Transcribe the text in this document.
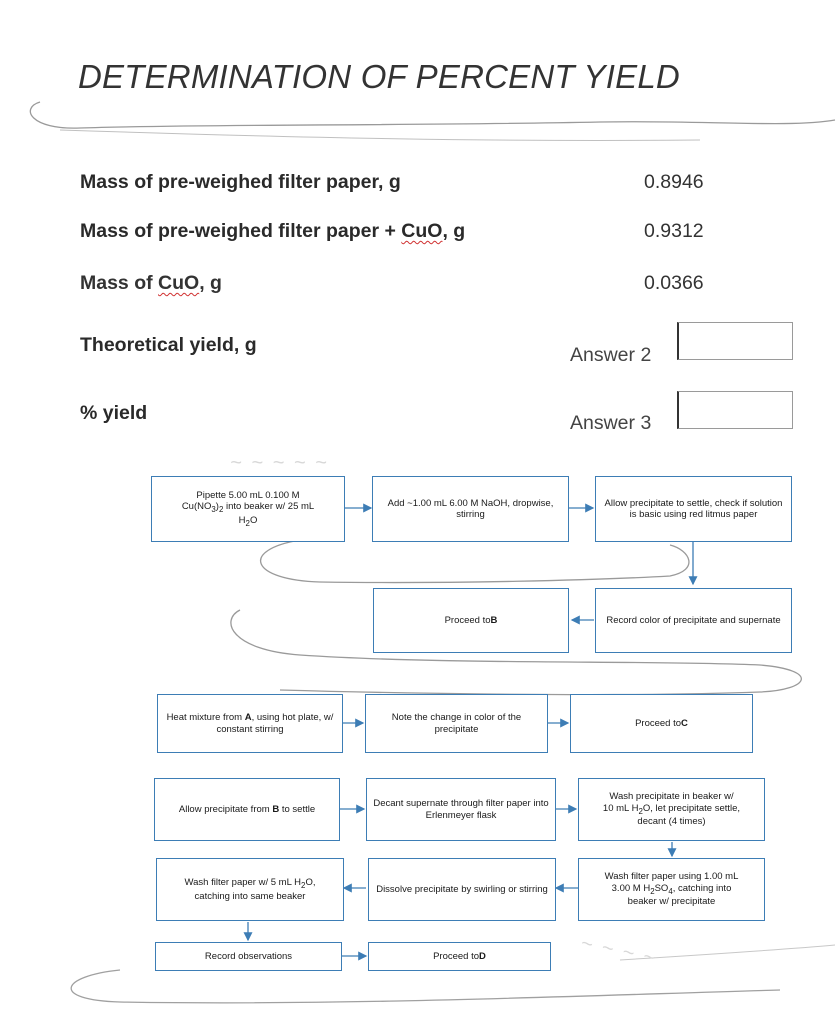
DETERMINATION OF PERCENT YIELD
~ ~ ~ ~ ~
~ ~ ~ ~
Mass of pre-weighed filter paper, g	0.8946
Mass of pre-weighed filter paper + CuO, g	0.9312
Mass of CuO, g	0.0366
Theoretical yield, g	Answer 2
% yield	Answer 3
Pipette 5.00 mL 0.100 M
$Cu(NO_3)_2$ into beaker w/ 25 mL
$H_2O$
Add ~1.00 mL 6.00 M NaOH, dropwise, stirring
Allow precipitate to settle, check if solution is basic using red litmus paper
Proceed to B	Record color of precipitate and supernate
Heat mixture from A, using hot plate, w/ constant stirring
Note the change in color of the precipitate
Proceed to C
Allow precipitate from B to settle
Decant supernate through filter paper into Erlenmeyer flask
Wash precipitate in beaker w/
10 mL $H_2O$, let precipitate settle,
decant (4 times)
Wash filter paper using 1.00 mL
3.00 M $H_2SO_4$, catching into
beaker w/ precipitate
Dissolve precipitate by swirling or stirring
Wash filter paper w/ 5 mL $H_2O$,
catching into same beaker
Record observations	Proceed to D
